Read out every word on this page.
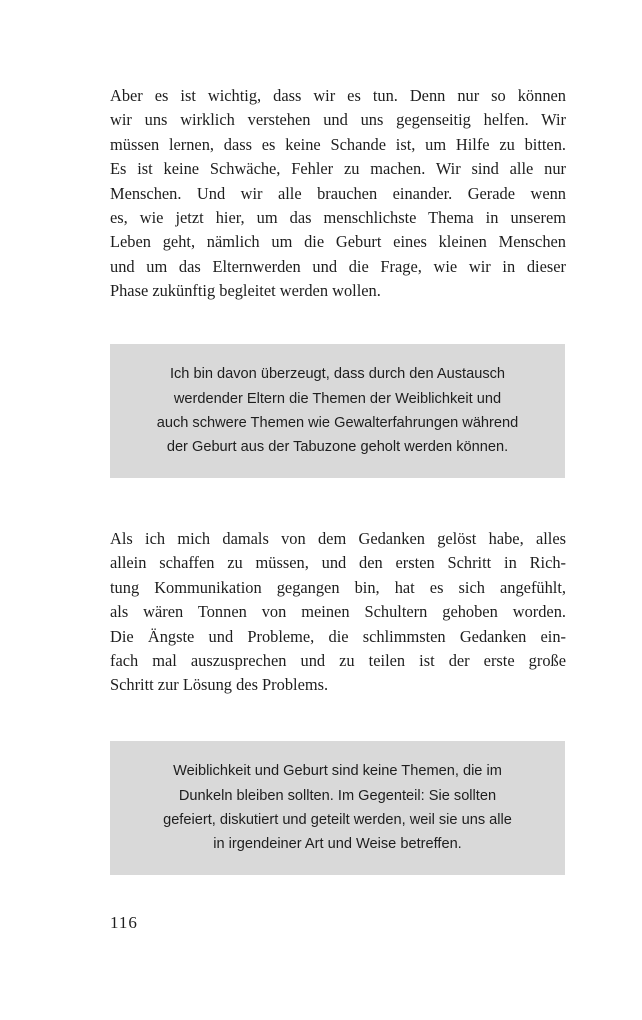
Aber es ist wichtig, dass wir es tun. Denn nur so können
wir uns wirklich verstehen und uns gegenseitig helfen. Wir
müssen lernen, dass es keine Schande ist, um Hilfe zu bitten.
Es ist keine Schwäche, Fehler zu machen. Wir sind alle nur
Menschen. Und wir alle brauchen einander. Gerade wenn
es, wie jetzt hier, um das menschlichste Thema in unserem
Leben geht, nämlich um die Geburt eines kleinen Menschen
und um das Elternwerden und die Frage, wie wir in dieser
Phase zukünftig begleitet werden wollen.

Ich bin davon überzeugt, dass durch den Austausch
werdender Eltern die Themen der Weiblichkeit und
auch schwere Themen wie Gewalterfahrungen während
der Geburt aus der Tabuzone geholt werden können.

Als ich mich damals von dem Gedanken gelöst habe, alles
allein schaffen zu müssen, und den ersten Schritt in Rich-
tung Kommunikation gegangen bin, hat es sich angefühlt,
als wären Tonnen von meinen Schultern gehoben worden.
Die Ängste und Probleme, die schlimmsten Gedanken ein-
fach mal auszusprechen und zu teilen ist der erste große
Schritt zur Lösung des Problems.

Weiblichkeit und Geburt sind keine Themen, die im
Dunkeln bleiben sollten. Im Gegenteil: Sie sollten
gefeiert, diskutiert und geteilt werden, weil sie uns alle
in irgendeiner Art und Weise betreffen.

116
